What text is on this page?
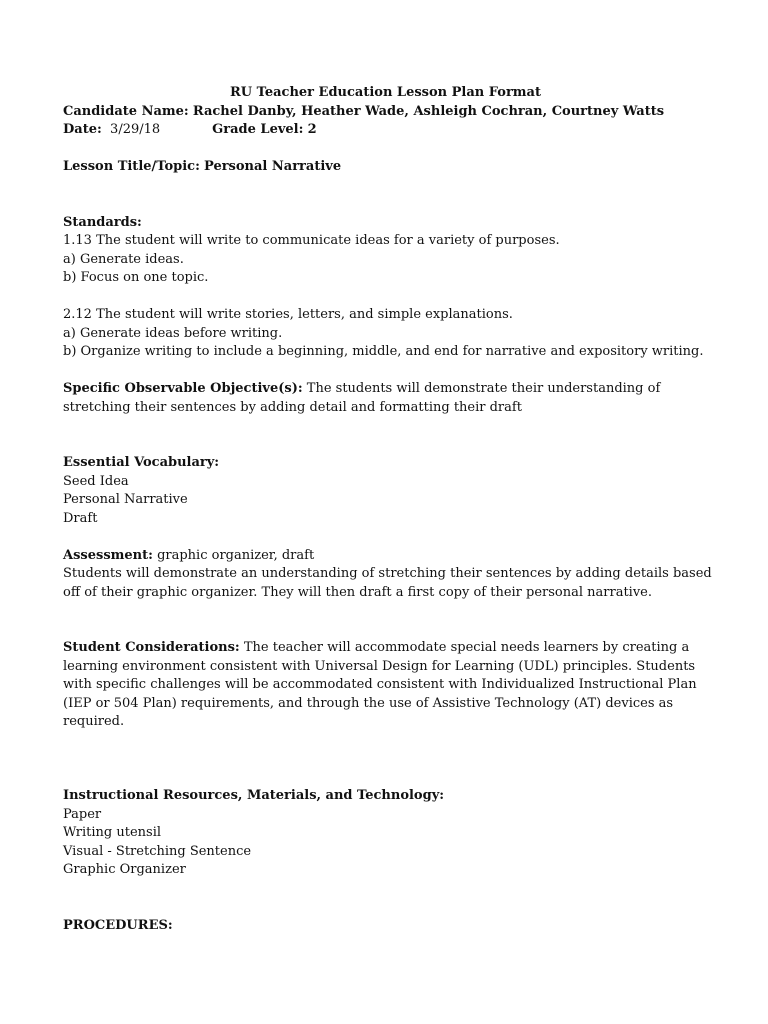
RU Teacher Education Lesson Plan Format

Candidate Name: Rachel Danby, Heather Wade, Ashleigh Cochran, Courtney Watts

Date: 3/29/18	Grade Level: 2

Lesson Title/Topic: Personal Narrative

Standards:

1.13 The student will write to communicate ideas for a variety of purposes.

a) Generate ideas.

b) Focus on one topic.

2.12 The student will write stories, letters, and simple explanations.

a) Generate ideas before writing.

b) Organize writing to include a beginning, middle, and end for narrative and expository writing.

Specific Observable Objective(s): The students will demonstrate their understanding of

stretching their sentences by adding detail and formatting their draft

Essential Vocabulary:

Seed Idea

Personal Narrative

Draft

Assessment: graphic organizer, draft

Students will demonstrate an understanding of stretching their sentences by adding details based

off of their graphic organizer. They will then draft a first copy of their personal narrative.

Student Considerations: The teacher will accommodate special needs learners by creating a

learning environment consistent with Universal Design for Learning (UDL) principles. Students

with specific challenges will be accommodated consistent with Individualized Instructional Plan

(IEP or 504 Plan) requirements, and through the use of Assistive Technology (AT) devices as

required.

Instructional Resources, Materials, and Technology:

Paper

Writing utensil

Visual - Stretching Sentence

Graphic Organizer

PROCEDURES:
